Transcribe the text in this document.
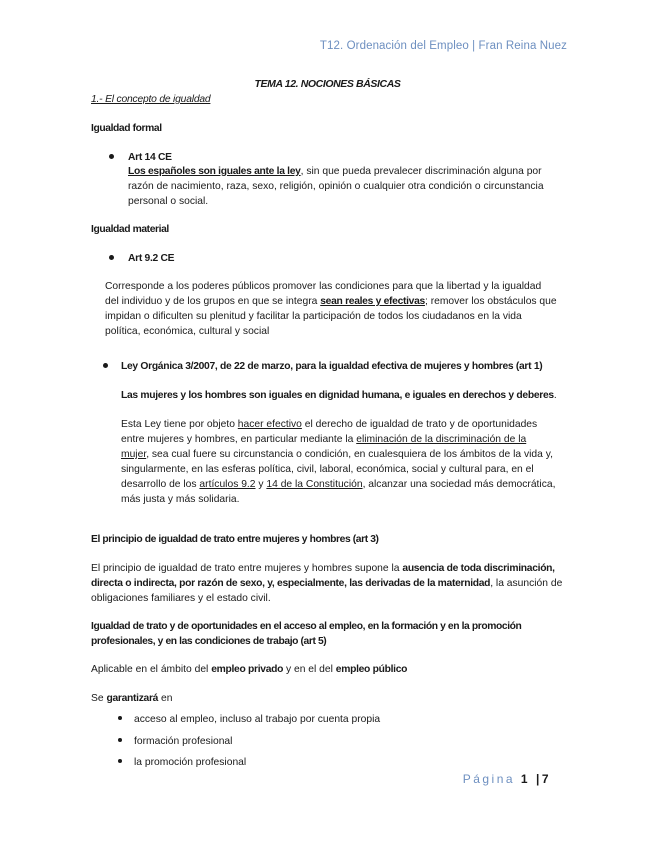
T12. Ordenación del Empleo | Fran Reina Nuez
TEMA 12. NOCIONES BÁSICAS
1.- El concepto de igualdad
Igualdad formal
Art 14 CE
Los españoles son iguales ante la ley, sin que pueda prevalecer discriminación alguna por
razón de nacimiento, raza, sexo, religión, opinión o cualquier otra condición o circunstancia
personal o social.
Igualdad material
Art 9.2 CE
Corresponde a los poderes públicos promover las condiciones para que la libertad y la igualdad
del individuo y de los grupos en que se integra sean reales y efectivas; remover los obstáculos que
impidan o dificulten su plenitud y facilitar la participación de todos los ciudadanos en la vida
política, económica, cultural y social
Ley Orgánica 3/2007, de 22 de marzo, para la igualdad efectiva de mujeres y hombres (art 1)
Las mujeres y los hombres son iguales en dignidad humana, e iguales en derechos y deberes.
Esta Ley tiene por objeto hacer efectivo el derecho de igualdad de trato y de oportunidades
entre mujeres y hombres, en particular mediante la eliminación de la discriminación de la
mujer, sea cual fuere su circunstancia o condición, en cualesquiera de los ámbitos de la vida y,
singularmente, en las esferas política, civil, laboral, económica, social y cultural para, en el
desarrollo de los artículos 9.2 y 14 de la Constitución, alcanzar una sociedad más democrática,
más justa y más solidaria.
El principio de igualdad de trato entre mujeres y hombres (art 3)
El principio de igualdad de trato entre mujeres y hombres supone la ausencia de toda discriminación,
directa o indirecta, por razón de sexo, y, especialmente, las derivadas de la maternidad, la asunción de
obligaciones familiares y el estado civil.
Igualdad de trato y de oportunidades en el acceso al empleo, en la formación y en la promoción
profesionales, y en las condiciones de trabajo (art 5)
Aplicable en el ámbito del empleo privado y en el del empleo público
Se garantizará en
acceso al empleo, incluso al trabajo por cuenta propia
formación profesional
la promoción profesional
Página 1 |7
